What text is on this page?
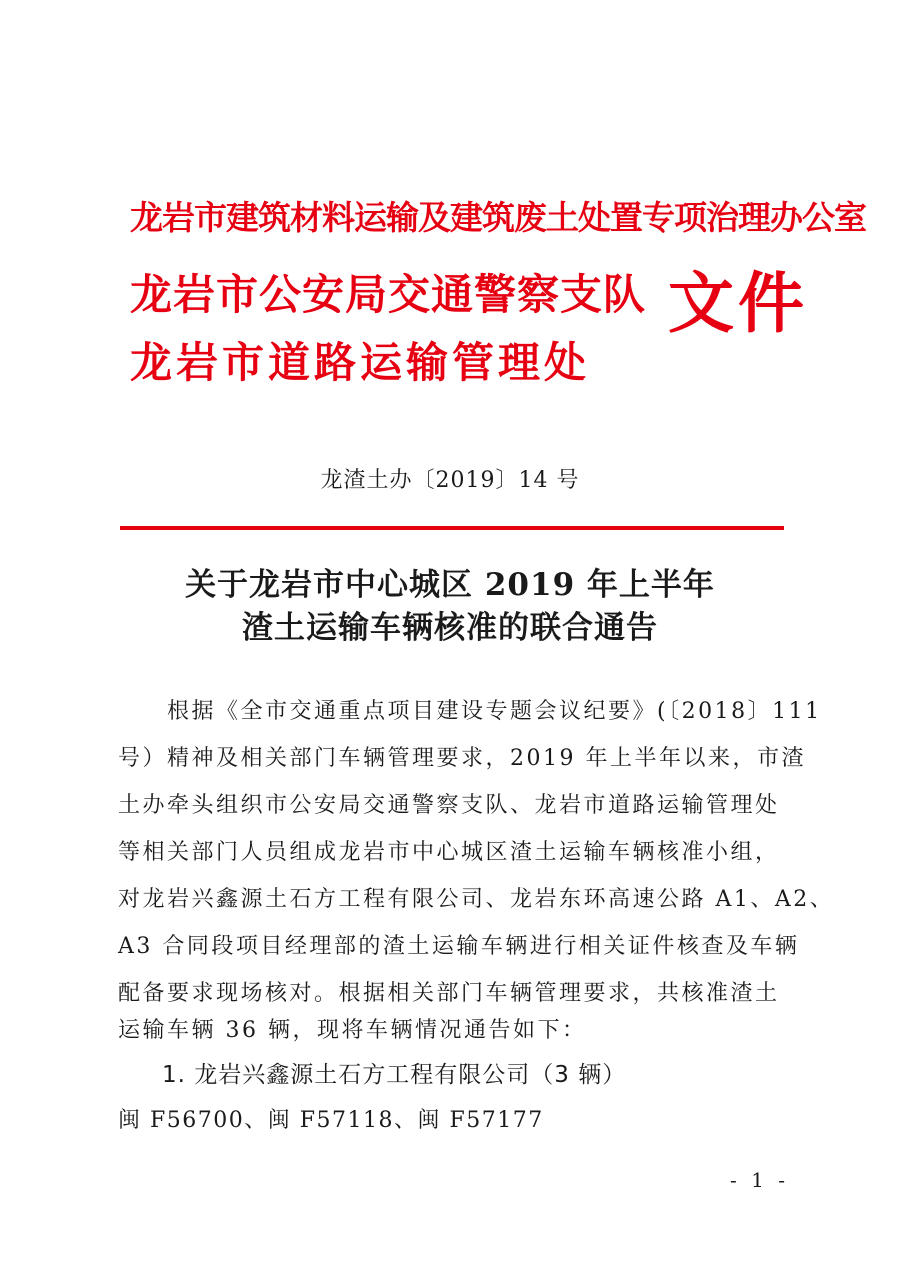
龙岩市建筑材料运输及建筑废土处置专项治理办公室
龙岩市公安局交通警察支队
龙岩市道路运输管理处
文件
龙渣土办〔2019〕14 号
关于龙岩市中心城区 2019 年上半年
渣土运输车辆核准的联合通告
　　根据《全市交通重点项目建设专题会议纪要》(〔2018〕111
号）精神及相关部门车辆管理要求，2019 年上半年以来，市渣
土办牵头组织市公安局交通警察支队、龙岩市道路运输管理处
等相关部门人员组成龙岩市中心城区渣土运输车辆核准小组，
对龙岩兴鑫源土石方工程有限公司、龙岩东环高速公路 A1、A2、
A3 合同段项目经理部的渣土运输车辆进行相关证件核查及车辆
配备要求现场核对。根据相关部门车辆管理要求，共核准渣土
运输车辆 36 辆，现将车辆情况通告如下：
1. 龙岩兴鑫源土石方工程有限公司（3 辆）
闽 F56700、闽 F57118、闽 F57177
- 1 -
